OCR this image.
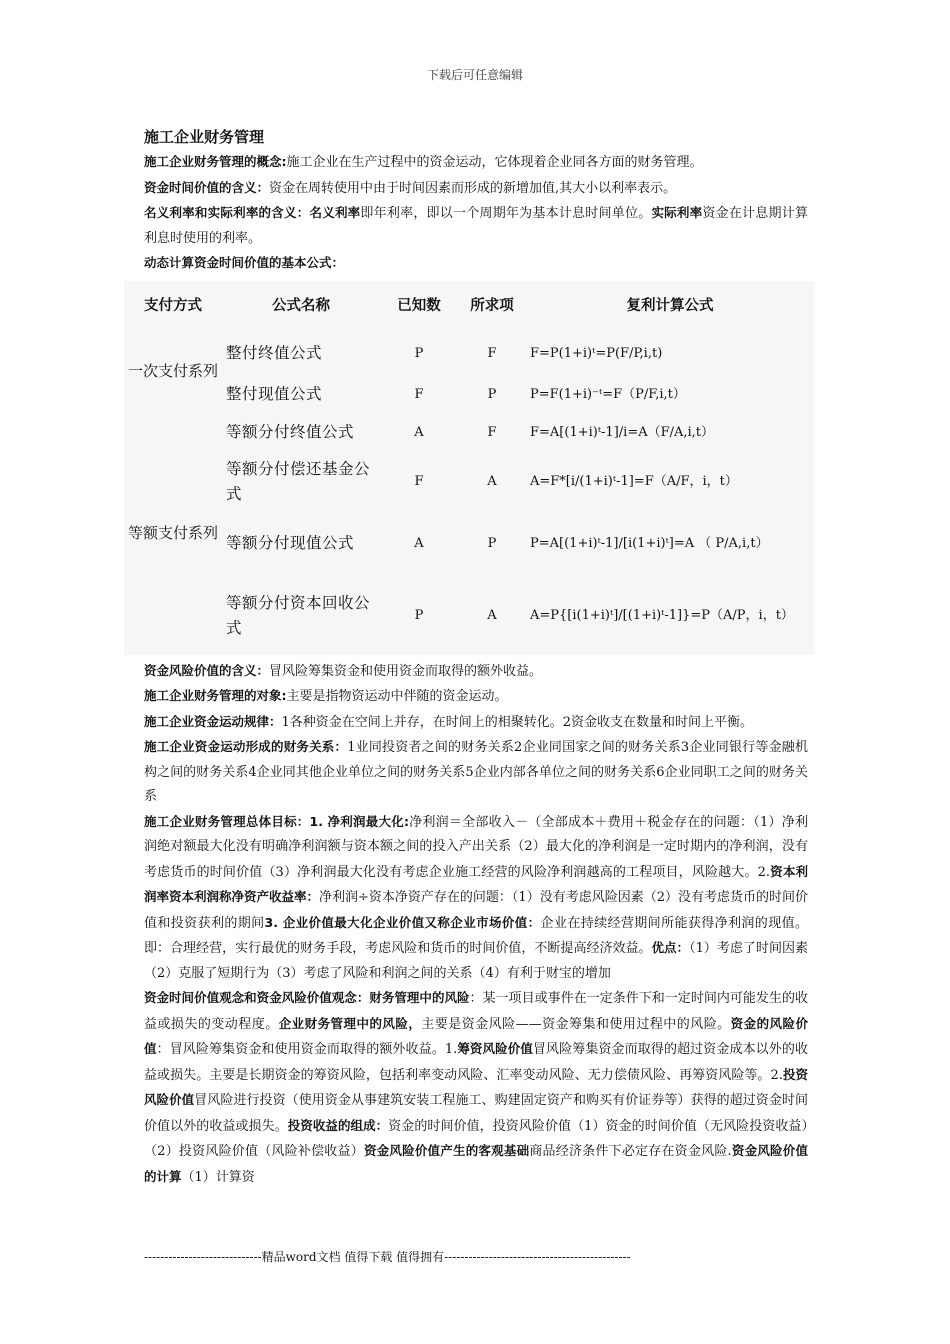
下载后可任意编辑
施工企业财务管理

施工企业财务管理的概念:施工企业在生产过程中的资金运动，它体现着企业同各方面的财务管理。

资金时间价值的含义：资金在周转使用中由于时间因素而形成的新增加值,其大小以利率表示。

名义利率和实际利率的含义：名义利率即年利率，即以一个周期年为基本计息时间单位。实际利率资金在计息期计算利息时使用的利率。

动态计算资金时间价值的基本公式：

支付方式	公式名称	已知数	所求项	复利计算公式
一次支付系列	整付终值公式	P	F	F=P(1+i)ᵗ=P(F/P,i,t)
	整付现值公式	F	P	P=F(1+i)⁻ᵗ=F（P/F,i,t）
等额支付系列	等额分付终值公式	A	F	F=A[(1+i)ᵗ-1]/i=A（F/A,i,t）
	等额分付偿还基金公式	F	A	A=F*[i/(1+i)ᵗ-1]=F（A/F，i，t）
	等额分付现值公式	A	P	P=A[(1+i)ᵗ-1]/[i(1+i)ᵗ]=A （ P/A,i,t）
	等额分付资本回收公式	P	A	A=P{[i(1+i)ᵗ]/[(1+i)ᵗ-1]}=P（A/P，i，t）

资金风险价值的含义：冒风险筹集资金和使用资金而取得的额外收益。

施工企业财务管理的对象:主要是指物资运动中伴随的资金运动。

施工企业资金运动规律：1各种资金在空间上并存，在时间上的相聚转化。2资金收支在数量和时间上平衡。

施工企业资金运动形成的财务关系：1业同投资者之间的财务关系2企业同国家之间的财务关系3企业同银行等金融机构之间的财务关系4企业同其他企业单位之间的财务关系5企业内部各单位之间的财务关系6企业同职工之间的财务关系

施工企业财务管理总体目标：1. 净利润最大化:净利润＝全部收入－（全部成本＋费用＋税金存在的问题：（1）净利润绝对额最大化没有明确净利润额与资本额之间的投入产出关系（2）最大化的净利润是一定时期内的净利润，没有考虑货币的时间价值（3）净利润最大化没有考虑企业施工经营的风险净利润越高的工程项目，风险越大。2.资本利润率资本利润称净资产收益率：净利润÷资本净资产存在的问题：（1）没有考虑风险因素（2）没有考虑货币的时间价值和投资获利的期间3. 企业价值最大化企业价值又称企业市场价值：企业在持续经营期间所能获得净利润的现值。即：合理经营，实行最优的财务手段，考虑风险和货币的时间价值，不断提高经济效益。优点：（1）考虑了时间因素（2）克服了短期行为（3）考虑了风险和利润之间的关系（4）有利于财宝的增加

资金时间价值观念和资金风险价值观念：财务管理中的风险：某一项目或事件在一定条件下和一定时间内可能发生的收益或损失的变动程度。企业财务管理中的风险，主要是资金风险——资金筹集和使用过程中的风险。资金的风险价值：冒风险筹集资金和使用资金而取得的额外收益。1.筹资风险价值冒风险筹集资金而取得的超过资金成本以外的收益或损失。主要是长期资金的筹资风险，包括利率变动风险、汇率变动风险、无力偿债风险、再筹资风险等。2.投资风险价值冒风险进行投资（使用资金从事建筑安装工程施工、购建固定资产和购买有价证券等）获得的超过资金时间价值以外的收益或损失。投资收益的组成：资金的时间价值，投资风险价值（1）资金的时间价值（无风险投资收益）（2）投资风险价值（风险补偿收益）资金风险价值产生的客观基础商品经济条件下必定存在资金风险.资金风险价值的计算（1）计算资

-----------------------------精品word文档 值得下载 值得拥有----------------------------------------------
